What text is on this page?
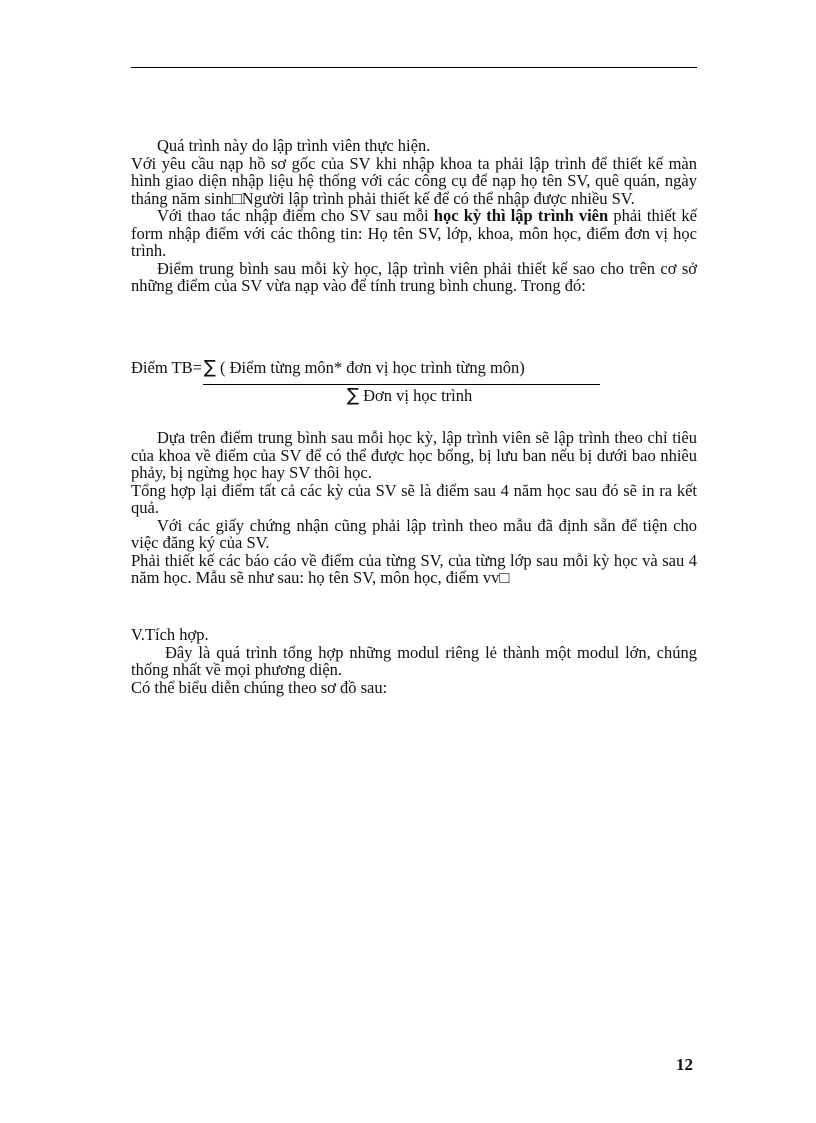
Quá trình này do lập trình viên thực hiện.

Với yêu cầu nạp hồ sơ gốc của SV khi nhập khoa ta phải lập trình để thiết kế màn hình giao diện nhập liệu hệ thống với các công cụ để nạp họ tên SV, quê quán, ngày tháng năm sinh□Người lập trình phải thiết kế để có thể nhập được nhiều SV.

Với thao tác nhập điểm cho SV sau mỗi học kỳ thì lập trình viên phải thiết kế form nhập điểm với các thông tin: Họ tên SV, lớp, khoa, môn học, điểm đơn vị học trình.

Điểm trung bình sau mỗi kỳ học, lập trình viên phải thiết kế sao cho trên cơ sở những điểm của SV vừa nạp vào để tính trung bình chung. Trong đó:

Điểm TB= ∑ ( Điểm từng môn* đơn vị học trình từng môn)
∑ Đơn vị học trình

Dựa trên điểm trung bình sau mỗi học kỳ, lập trình viên sẽ lập trình theo chỉ tiêu của khoa về điểm của SV để có thể được học bổng, bị lưu ban nếu bị dưới bao nhiêu phảy, bị ngừng học hay SV thôi học.

Tổng hợp lại điểm tất cả các kỳ của SV sẽ là điểm sau 4 năm học sau đó sẽ in ra kết quả.

Với các giấy chứng nhận cũng phải lập trình theo mẫu đã định sẵn để tiện cho việc đăng ký của SV.

Phải thiết kế các báo cáo về điểm của từng SV, của từng lớp sau mỗi kỳ học và sau 4 năm học. Mẫu sẽ như sau: họ tên SV, môn học, điểm vv□

V.Tích hợp.

Đây là quá trình tổng hợp những modul riêng lẻ thành một modul lớn, chúng thống nhất về mọi phương diện.

Có thể biểu diễn chúng theo sơ đồ sau:

12
